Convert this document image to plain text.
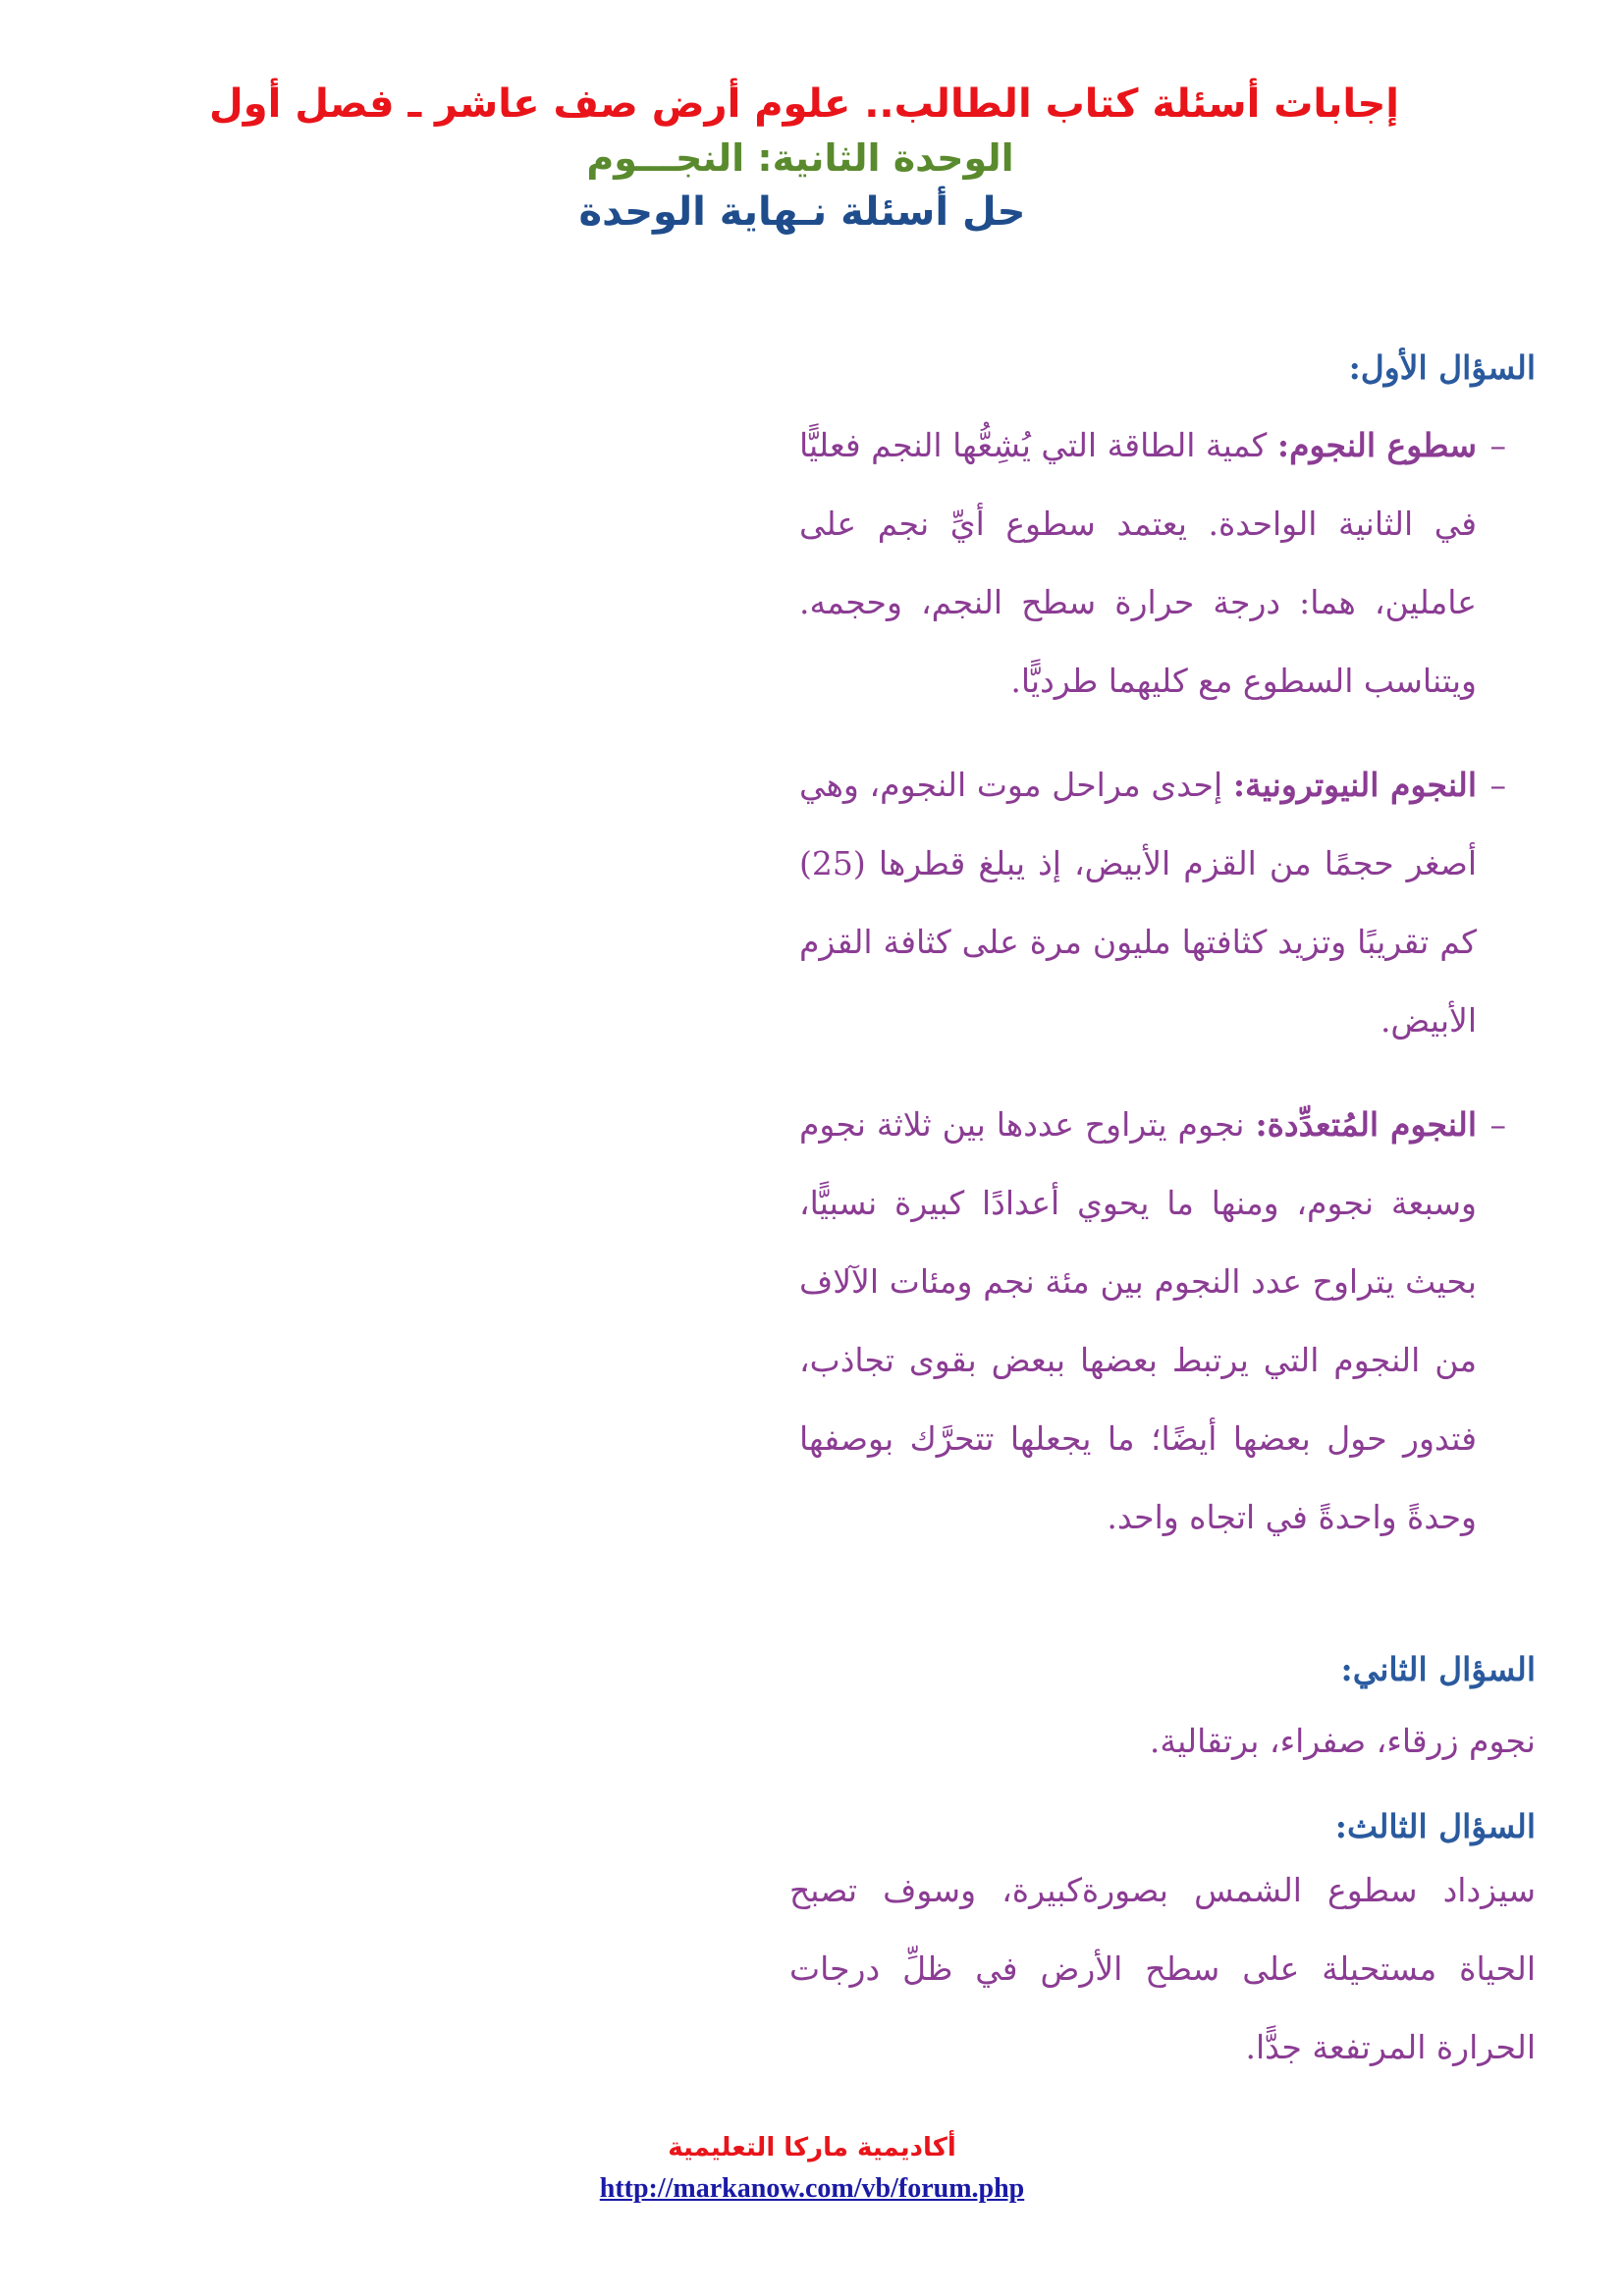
إجابات أسئلة كتاب الطالب.. علوم أرض صف عاشر ـ فصل أول

الوحدة الثانية: النجـــوم

حل أسئلة نـهاية الوحدة

السؤال الأول:

–
سطوع النجوم: كمية الطاقة التي يُشِعُّها النجم فعليًّا في الثانية الواحدة. يعتمد سطوع أيِّ نجم على عاملين، هما: درجة حرارة سطح النجم، وحجمه. ويتناسب السطوع مع كليهما طرديًّا.
–
النجوم النيوترونية: إحدى مراحل موت النجوم، وهي أصغر حجمًا من القزم الأبيض، إذ يبلغ قطرها (25) كم تقريبًا وتزيد كثافتها مليون مرة على كثافة القزم الأبيض.
–
النجوم المُتعدِّدة: نجوم يتراوح عددها بين ثلاثة نجوم وسبعة نجوم، ومنها ما يحوي أعدادًا كبيرة نسبيًّا، بحيث يتراوح عدد النجوم بين مئة نجم ومئات الآلاف من النجوم التي يرتبط بعضها ببعض بقوى تجاذب، فتدور حول بعضها أيضًا؛ ما يجعلها تتحرَّك بوصفها وحدةً واحدةً في اتجاه واحد.

السؤال الثاني:

نجوم زرقاء، صفراء، برتقالية.

السؤال الثالث:

سيزداد سطوع الشمس بصورةكبيرة، وسوف تصبح الحياة مستحيلة على سطح الأرض في ظلِّ درجات الحرارة المرتفعة جدًّا.

أكاديمية ماركا التعليمية

http://markanow.com/vb/forum.php
